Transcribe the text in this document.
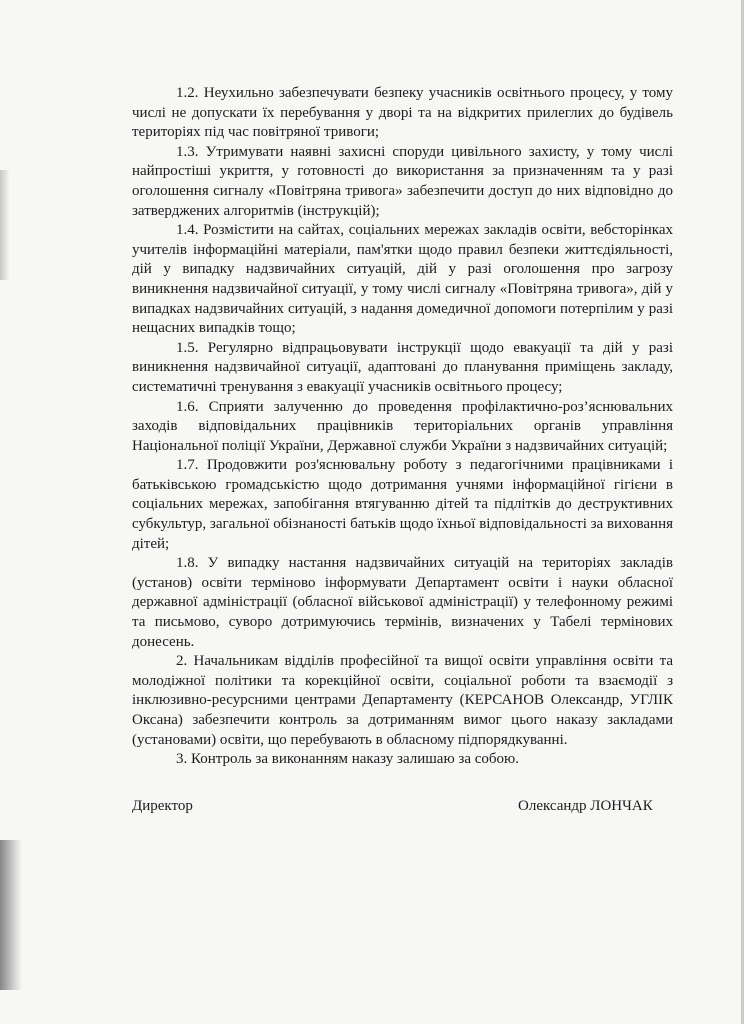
1.2. Неухильно забезпечувати безпеку учасників освітнього процесу, у тому числі не допускати їх перебування у дворі та на відкритих прилеглих до будівель територіях під час повітряної тривоги;

1.3. Утримувати наявні захисні споруди цивільного захисту, у тому числі найпростіші укриття, у готовності до використання за призначенням та у разі оголошення сигналу «Повітряна тривога» забезпечити доступ до них відповідно до затверджених алгоритмів (інструкцій);

1.4. Розмістити на сайтах, соціальних мережах закладів освіти, вебсторінках учителів інформаційні матеріали, пам'ятки щодо правил безпеки життєдіяльності, дій у випадку надзвичайних ситуацій, дій у разі оголошення про загрозу виникнення надзвичайної ситуації, у тому числі сигналу «Повітряна тривога», дій у випадках надзвичайних ситуацій, з надання домедичної допомоги потерпілим у разі нещасних випадків тощо;

1.5. Регулярно відпрацьовувати інструкції щодо евакуації та дій у разі виникнення надзвичайної ситуації, адаптовані до планування приміщень закладу, систематичні тренування з евакуації учасників освітнього процесу;

1.6. Сприяти залученню до проведення профілактично-роз’яснювальних заходів відповідальних працівників територіальних органів управління Національної поліції України, Державної служби України з надзвичайних ситуацій;

1.7. Продовжити роз'яснювальну роботу з педагогічними працівниками і батьківською громадськістю щодо дотримання учнями інформаційної гігієни в соціальних мережах, запобігання втягуванню дітей та підлітків до деструктивних субкультур, загальної обізнаності батьків щодо їхньої відповідальності за виховання дітей;

1.8. У випадку настання надзвичайних ситуацій на територіях закладів (установ) освіти терміново інформувати Департамент освіти і науки обласної державної адміністрації (обласної військової адміністрації) у телефонному режимі та письмово, суворо дотримуючись термінів, визначених у Табелі термінових донесень.

2. Начальникам відділів професійної та вищої освіти управління освіти та молодіжної політики та корекційної освіти, соціальної роботи та взаємодії з інклюзивно-ресурсними центрами Департаменту (КЕРСАНОВ Олександр, УГЛІК Оксана) забезпечити контроль за дотриманням вимог цього наказу закладами (установами) освіти, що перебувають в обласному підпорядкуванні.

3. Контроль за виконанням наказу залишаю за собою.

Директор	Олександр ЛОНЧАК
